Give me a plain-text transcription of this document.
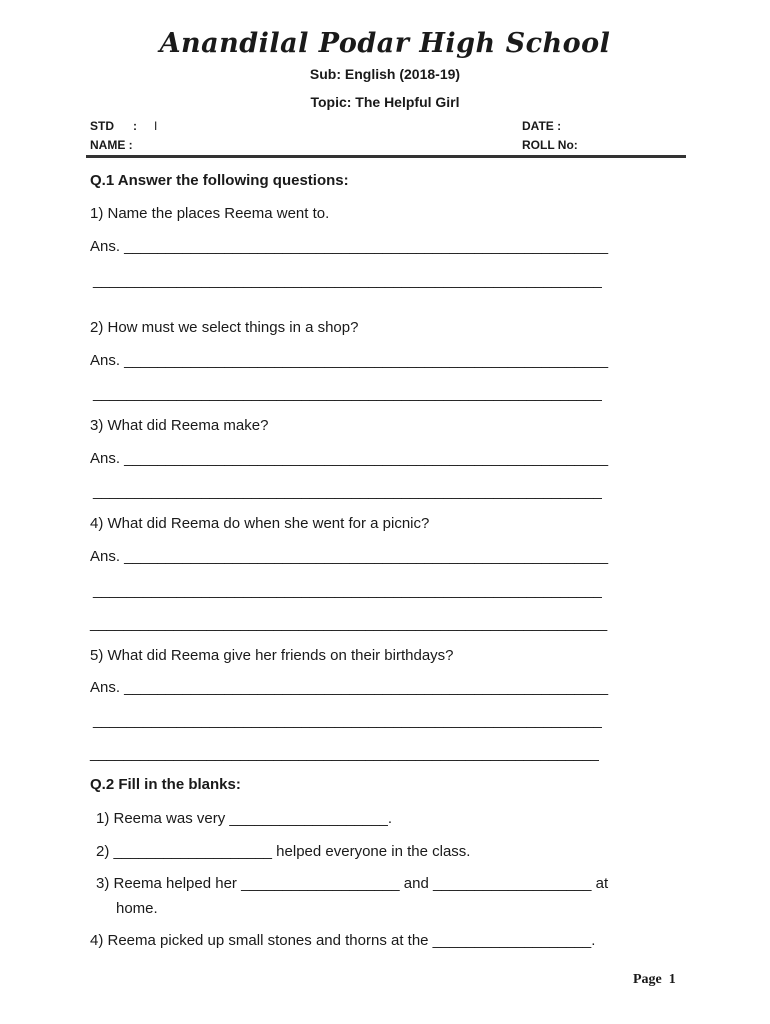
Anandilal Podar High School
Sub: English (2018-19)
Topic: The Helpful Girl
STD : I	DATE :
NAME :	ROLL No:
Q.1 Answer the following questions:
1) Name the places Reema went to.
Ans. __________________________________________________________
_____________________________________________________________
2) How must we select things in a shop?
Ans. __________________________________________________________
_____________________________________________________________
3) What did Reema make?
Ans. __________________________________________________________
_____________________________________________________________
4) What did Reema do when she went for a picnic?
Ans. __________________________________________________________
_____________________________________________________________
______________________________________________________________
5) What did Reema give her friends on their birthdays?
Ans. __________________________________________________________
_____________________________________________________________
_____________________________________________________________
Q.2 Fill in the blanks:
1) Reema was very ___________________.
2) ___________________ helped everyone in the class.
3) Reema helped her ___________________ and ___________________ at
home.
4) Reema picked up small stones and thorns at the ___________________.
Page  1
